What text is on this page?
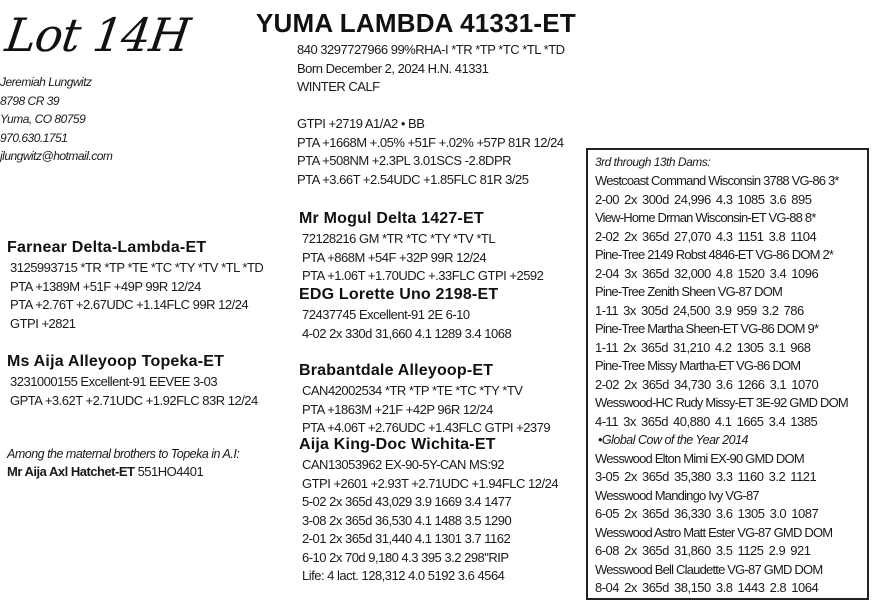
Lot 14H YUMA LAMBDA 41331-ET
840 3297727966 99%RHA-I *TR *TP *TC *TL *TD
Born December 2, 2024 H.N. 41331
WINTER CALF
Jeremiah Lungwitz
8798 CR 39
Yuma, CO 80759
970.630.1751
jlungwitz@hotmail.com
GTPI +2719 A1/A2 • BB
PTA +1668M +.05% +51F +.02% +57P 81R 12/24
PTA +508NM +2.3PL 3.01SCS -2.8DPR
PTA +3.66T +2.54UDC +1.85FLC 81R 3/25
Farnear Delta-Lambda-ET
3125993715 *TR *TP *TE *TC *TY *TV *TL *TD
PTA +1389M +51F +49P 99R 12/24
PTA +2.76T +2.67UDC +1.14FLC 99R 12/24
GTPI +2821
Mr Mogul Delta 1427-ET
72128216 GM *TR *TC *TY *TV *TL
PTA +868M +54F +32P 99R 12/24
PTA +1.06T +1.70UDC +.33FLC GTPI +2592
EDG Lorette Uno 2198-ET
72437745 Excellent-91 2E 6-10
4-02 2x 330d 31,660 4.1 1289 3.4 1068
Ms Aija Alleyoop Topeka-ET
3231000155 Excellent-91 EEVEE 3-03
GPTA +3.62T +2.71UDC +1.92FLC 83R 12/24
Brabantdale Alleyoop-ET
CAN42002534 *TR *TP *TE *TC *TY *TV
PTA +1863M +21F +42P 96R 12/24
PTA +4.06T +2.76UDC +1.43FLC GTPI +2379
Aija King-Doc Wichita-ET
CAN13053962 EX-90-5Y-CAN MS:92
GTPI +2601 +2.93T +2.71UDC +1.94FLC 12/24
5-02 2x 365d 43,029 3.9 1669 3.4 1477
3-08 2x 365d 36,530 4.1 1488 3.5 1290
2-01 2x 365d 31,440 4.1 1301 3.7 1162
6-10 2x 70d 9,180 4.3 395 3.2 298"RIP
Life: 4 lact. 128,312 4.0 5192 3.6 4564
Among the maternal brothers to Topeka in A.I:
Mr Aija Axl Hatchet-ET 551HO4401
3rd through 13th Dams:
Westcoast Command Wisconsin 3788 VG-86 3*
2-00 2x 300d 24,996 4.3 1085 3.6 895
View-Home Drman Wisconsin-ET VG-88 8*
2-02 2x 365d 27,070 4.3 1151 3.8 1104
Pine-Tree 2149 Robst 4846-ET VG-86 DOM 2*
2-04 3x 365d 32,000 4.8 1520 3.4 1096
Pine-Tree Zenith Sheen VG-87 DOM
1-11 3x 305d 24,500 3.9 959 3.2 786
Pine-Tree Martha Sheen-ET VG-86 DOM 9*
1-11 2x 365d 31,210 4.2 1305 3.1 968
Pine-Tree Missy Martha-ET VG-86 DOM
2-02 2x 365d 34,730 3.6 1266 3.1 1070
Wesswood-HC Rudy Missy-ET 3E-92 GMD DOM
4-11 3x 365d 40,880 4.1 1665 3.4 1385
•Global Cow of the Year 2014
Wesswood Elton Mimi EX-90 GMD DOM
3-05 2x 365d 35,380 3.3 1160 3.2 1121
Wesswood Mandingo Ivy VG-87
6-05 2x 365d 36,330 3.6 1305 3.0 1087
Wesswood Astro Matt Ester VG-87 GMD DOM
6-08 2x 365d 31,860 3.5 1125 2.9 921
Wesswood Bell Claudette VG-87 GMD DOM
8-04 2x 365d 38,150 3.8 1443 2.8 1064
